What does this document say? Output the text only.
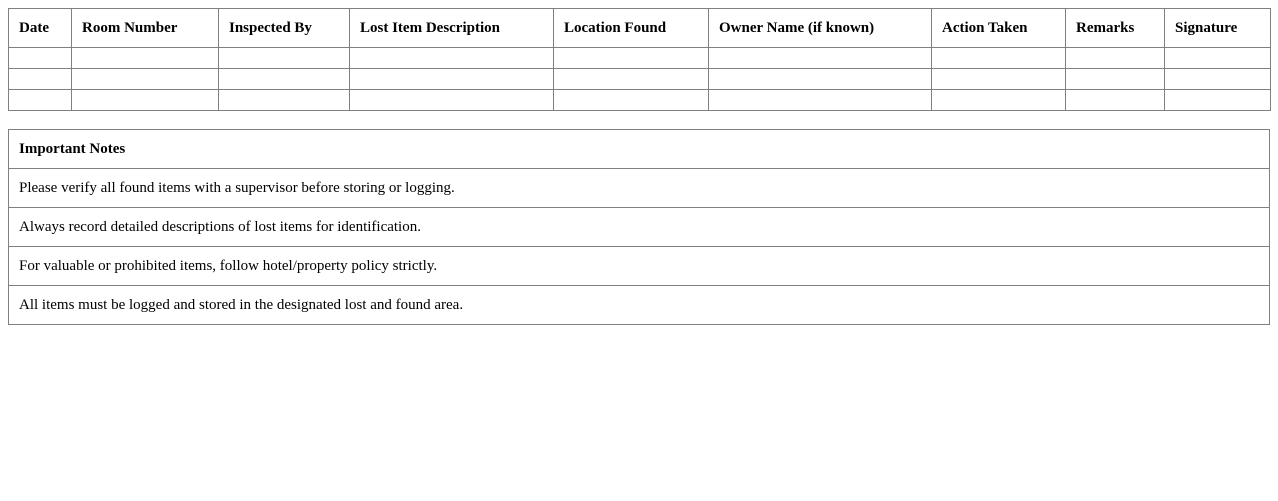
Date	Room Number	Inspected By	Lost Item Description	Location Found	Owner Name (if known)	Action Taken	Remarks	Signature

Important Notes
Please verify all found items with a supervisor before storing or logging.
Always record detailed descriptions of lost items for identification.
For valuable or prohibited items, follow hotel/property policy strictly.
All items must be logged and stored in the designated lost and found area.
